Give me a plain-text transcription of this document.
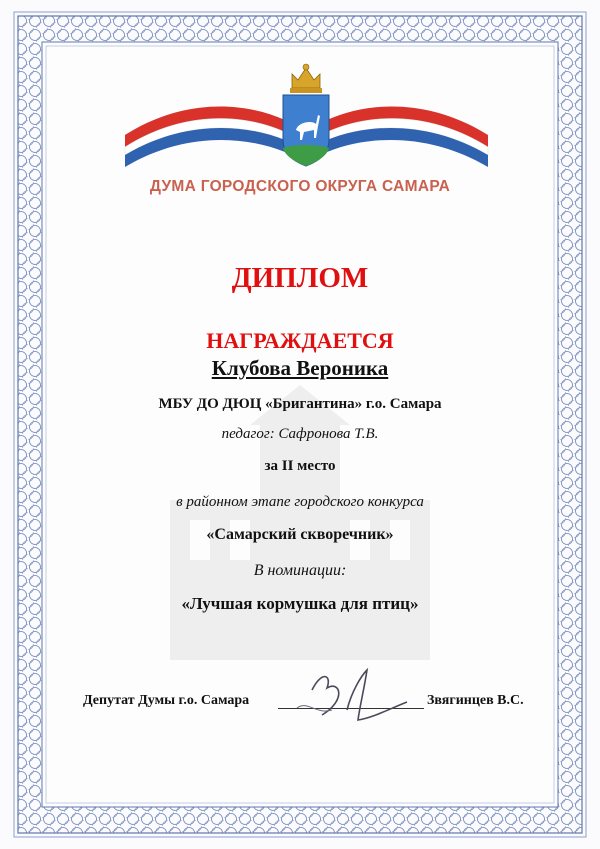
ДУМА ГОРОДСКОГО ОКРУГА САМАРА
ДИПЛОМ
НАГРАЖДАЕТСЯ
Клубова Вероника
МБУ ДО ДЮЦ «Бригантина» г.о. Самара
педагог: Сафронова Т.В.
за II место
в районном этапе городского конкурса
«Самарский скворечник»
В номинации:
«Лучшая кормушка для птиц»
Депутат Думы г.о. Самара	Звягинцев В.С.
